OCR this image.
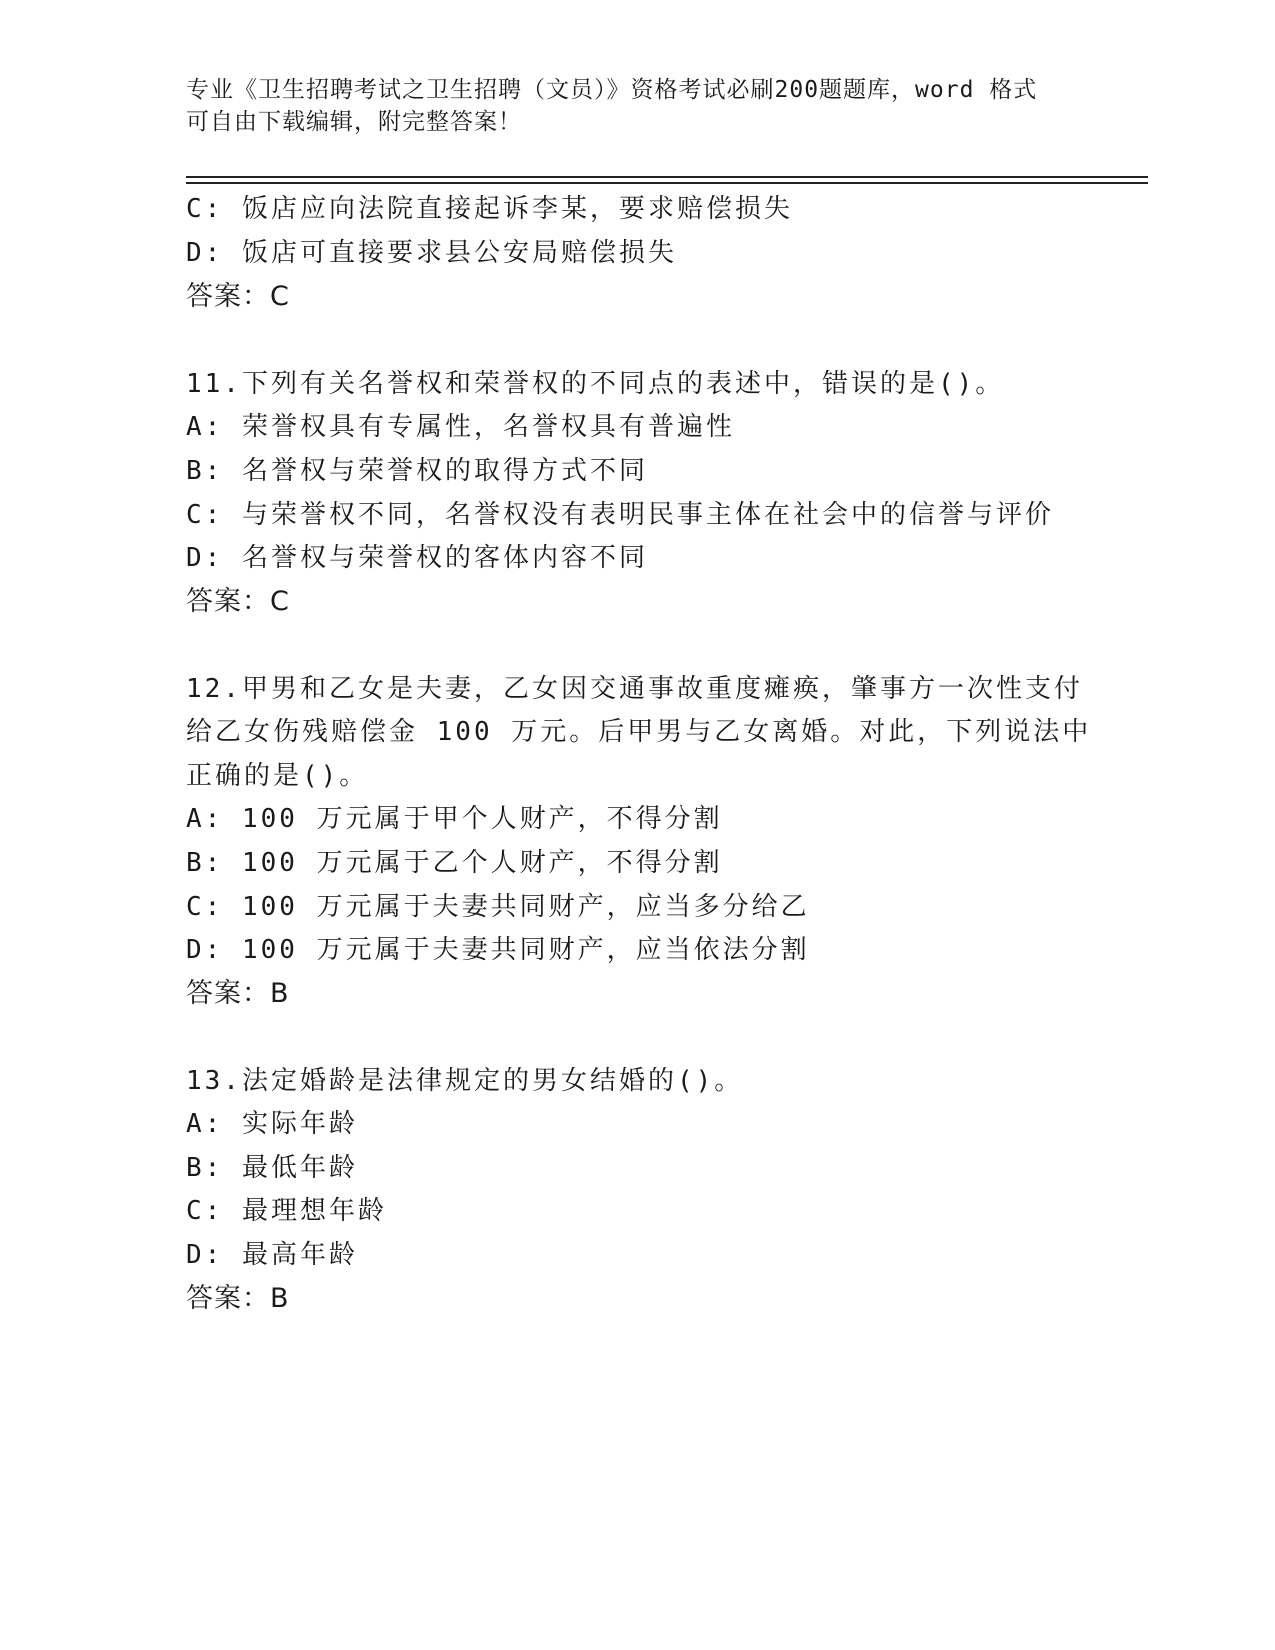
专业《卫生招聘考试之卫生招聘（文员）》资格考试必刷200题题库，word 格式
可自由下载编辑，附完整答案！
C: 饭店应向法院直接起诉李某，要求赔偿损失
D: 饭店可直接要求县公安局赔偿损失
答案：C
11.下列有关名誉权和荣誉权的不同点的表述中，错误的是()。
A: 荣誉权具有专属性，名誉权具有普遍性
B: 名誉权与荣誉权的取得方式不同
C: 与荣誉权不同，名誉权没有表明民事主体在社会中的信誉与评价
D: 名誉权与荣誉权的客体内容不同
答案：C
12.甲男和乙女是夫妻，乙女因交通事故重度瘫痪，肇事方一次性支付
给乙女伤残赔偿金 100 万元。后甲男与乙女离婚。对此，下列说法中
正确的是()。
A: 100 万元属于甲个人财产，不得分割
B: 100 万元属于乙个人财产，不得分割
C: 100 万元属于夫妻共同财产，应当多分给乙
D: 100 万元属于夫妻共同财产，应当依法分割
答案：B
13.法定婚龄是法律规定的男女结婚的()。
A: 实际年龄
B: 最低年龄
C: 最理想年龄
D: 最高年龄
答案：B
